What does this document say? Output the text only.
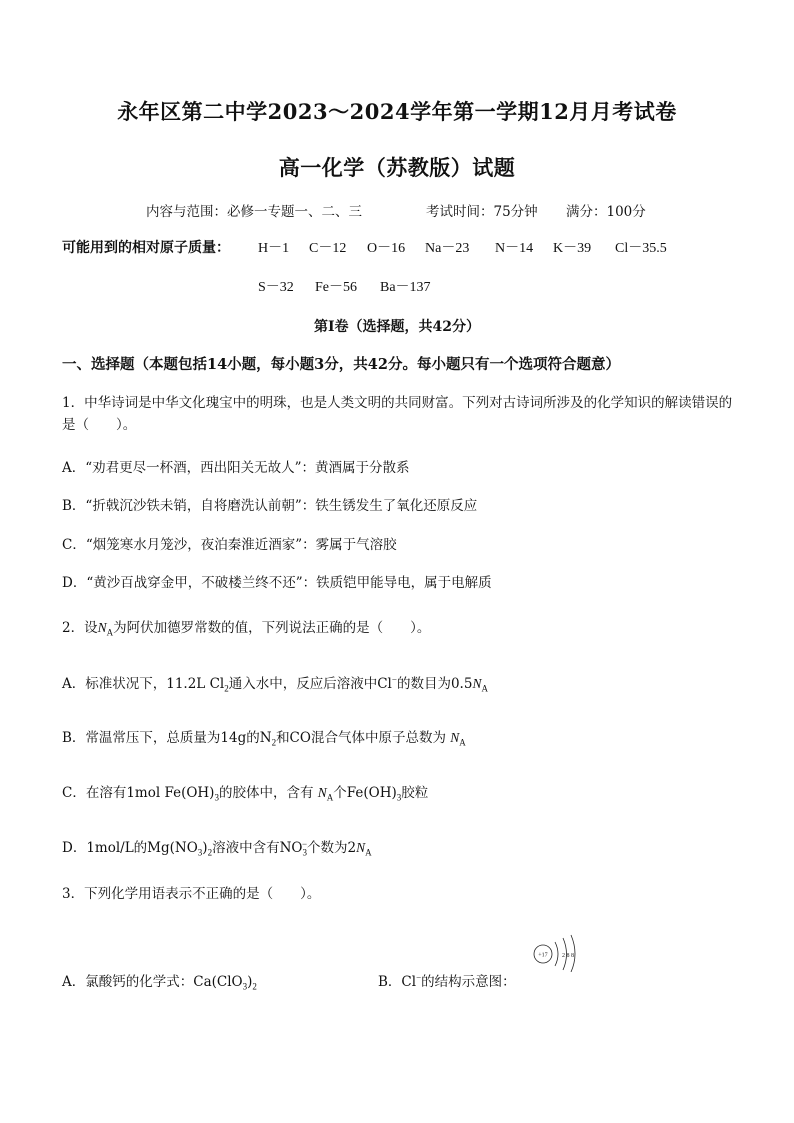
永年区第二中学2023～2024学年第一学期12月月考试卷
高一化学（苏教版）试题
内容与范围：必修一专题一、二、三	考试时间：75分钟 满分：100分
可能用到的相对原子质量： H－1 C－12 O－16 Na－23 N－14 K－39 Cl－35.5
S－32 Fe－56 Ba－137
第Ⅰ卷（选择题，共42分）
一、选择题（本题包括14小题，每小题3分，共42分。每小题只有一个选项符合题意）
1．中华诗词是中华文化瑰宝中的明珠，也是人类文明的共同财富。下列对古诗词所涉及的化学知识的解读错误的是（　　）。
A．“劝君更尽一杯酒，西出阳关无故人”：黄酒属于分散系
B．“折戟沉沙铁未销，自将磨洗认前朝”：铁生锈发生了氧化还原反应
C．“烟笼寒水月笼沙，夜泊秦淮近酒家”：雾属于气溶胶
D．“黄沙百战穿金甲，不破楼兰终不还”：铁质铠甲能导电，属于电解质
2．设$N_A$为阿伏加德罗常数的值，下列说法正确的是（　　）。
A．标准状况下，11.2L $Cl_2$通入水中，反应后溶液中Cl−的数目为$0.5N_A$
B．常温常压下，总质量为14g的$N_2$和CO混合气体中原子总数为 $N_A$
C．在溶有1mol $Fe(OH)_3$的胶体中，含有 $N_A$个$Fe(OH)_3$胶粒
D．1mol/L的$Mg(NO_3)_2$溶液中含有$NO_3^-$个数为$2N_A$
3．下列化学用语表示不正确的是（　　）。
A．氯酸钙的化学式：$Ca(ClO_3)_2$	B．Cl−的结构示意图：
+17 2 8 8
